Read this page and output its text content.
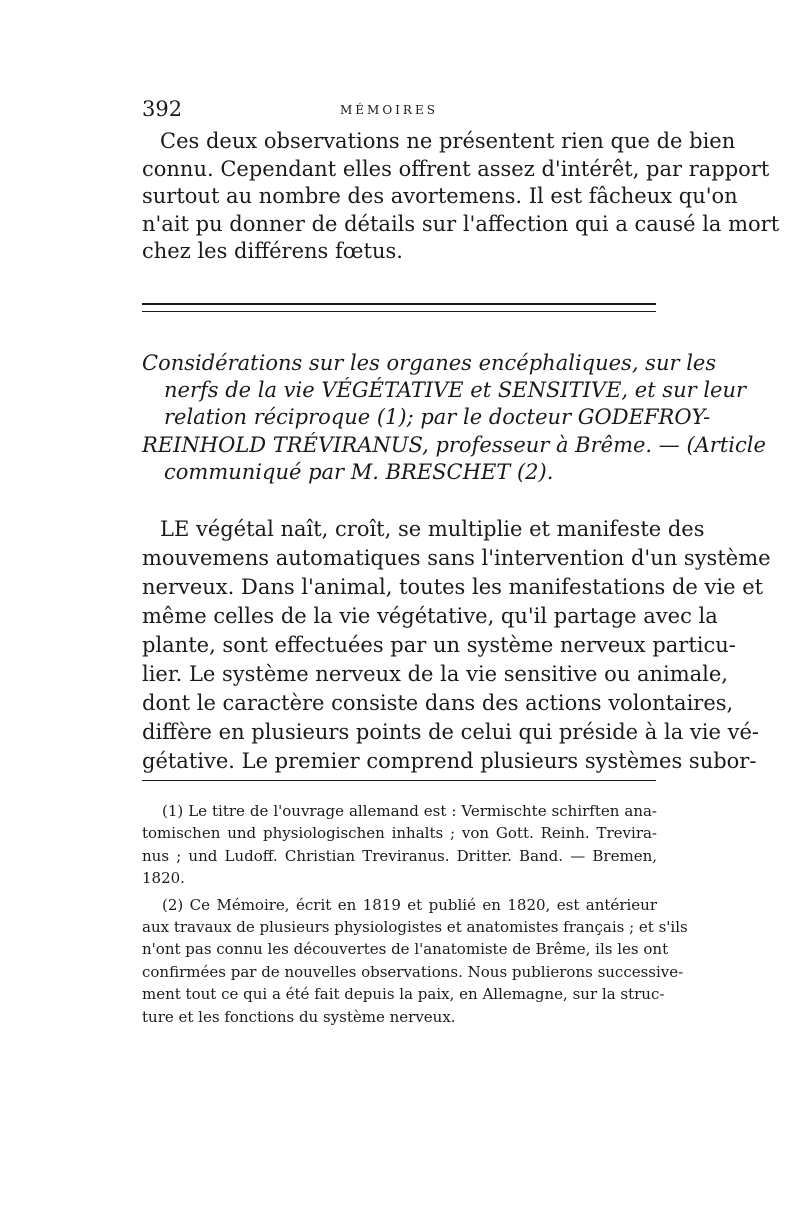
392	MÉMOIRES

Ces deux observations ne présentent rien que de bien
connu. Cependant elles offrent assez d'intérêt, par rapport
surtout au nombre des avortemens. Il est fâcheux qu'on
n'ait pu donner de détails sur l'affection qui a causé la mort
chez les différens fœtus.

Considérations sur les organes encéphaliques, sur les
nerfs de la vie VÉGÉTATIVE et SENSITIVE, et sur leur
relation réciproque (1); par le docteur GODEFROY-
REINHOLD TRÉVIRANUS, professeur à Brême. — (Article
communiqué par M. BRESCHET (2).

LE végétal naît, croît, se multiplie et manifeste des
mouvemens automatiques sans l'intervention d'un système
nerveux. Dans l'animal, toutes les manifestations de vie et
même celles de la vie végétative, qu'il partage avec la
plante, sont effectuées par un système nerveux particu-
lier. Le système nerveux de la vie sensitive ou animale,
dont le caractère consiste dans des actions volontaires,
diffère en plusieurs points de celui qui préside à la vie vé-
gétative. Le premier comprend plusieurs systèmes subor-

(1) Le titre de l'ouvrage allemand est : Vermischte schirften ana-
tomischen und physiologischen inhalts ; von Gott. Reinh. Trevira-
nus ; und Ludoff. Christian Treviranus. Dritter. Band. — Bremen,
1820.
(2) Ce Mémoire, écrit en 1819 et publié en 1820, est antérieur
aux travaux de plusieurs physiologistes et anatomistes français ; et s'ils
n'ont pas connu les découvertes de l'anatomiste de Brême, ils les ont
confirmées par de nouvelles observations. Nous publierons successive-
ment tout ce qui a été fait depuis la paix, en Allemagne, sur la struc-
ture et les fonctions du système nerveux.
